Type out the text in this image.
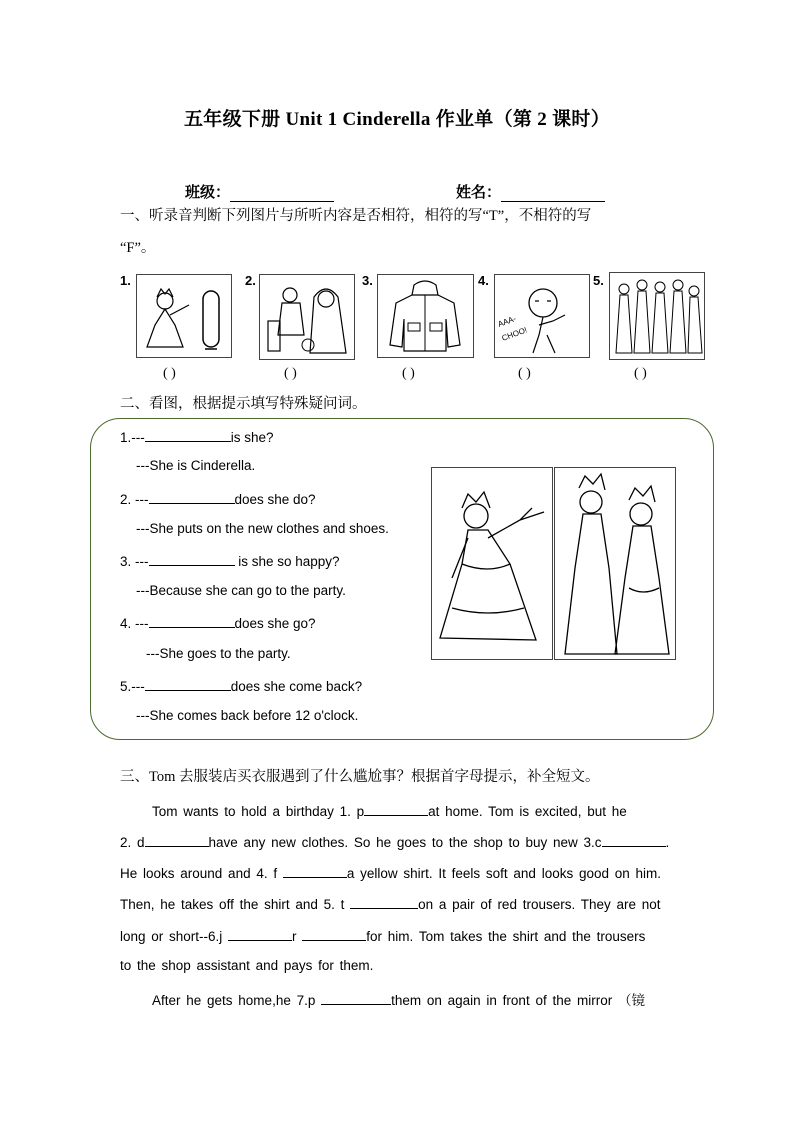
五年级下册 Unit 1 Cinderella 作业单（第 2 课时）
班级：	姓名：
一、听录音判断下列图片与所听内容是否相符，相符的写“T”，不相符的写
“F”。
1.
( )
2.
( )
3.
( )
4.
AAA-
CHOO!
( )
5.
( )
二、看图，根据提示填写特殊疑问词。
1.---	is she?
---She is Cinderella.
2. ---	does she do?
---She puts on the new clothes and shoes.
3. ---	is she so happy?
---Because she can go to the party.
4. ---	does she go?
---She goes to the party.
5.---	does she come back?
---She comes back before 12 o'clock.
三、Tom 去服装店买衣服遇到了什么尴尬事？根据首字母提示，补全短文。
Tom wants to hold a birthday 1. p	at home. Tom is excited, but he
2. d	have any new clothes. So he goes to the shop to buy new 3.c	.
He looks around and 4. f	a yellow shirt. It feels soft and looks good on him.
Then, he takes off the shirt and 5. t	on a pair of red trousers. They are not
long or short--6.j	r	for him. Tom takes the shirt and the trousers
to the shop assistant and pays for them.
After he gets home,he 7.p	them on again in front of the mirror （镜
